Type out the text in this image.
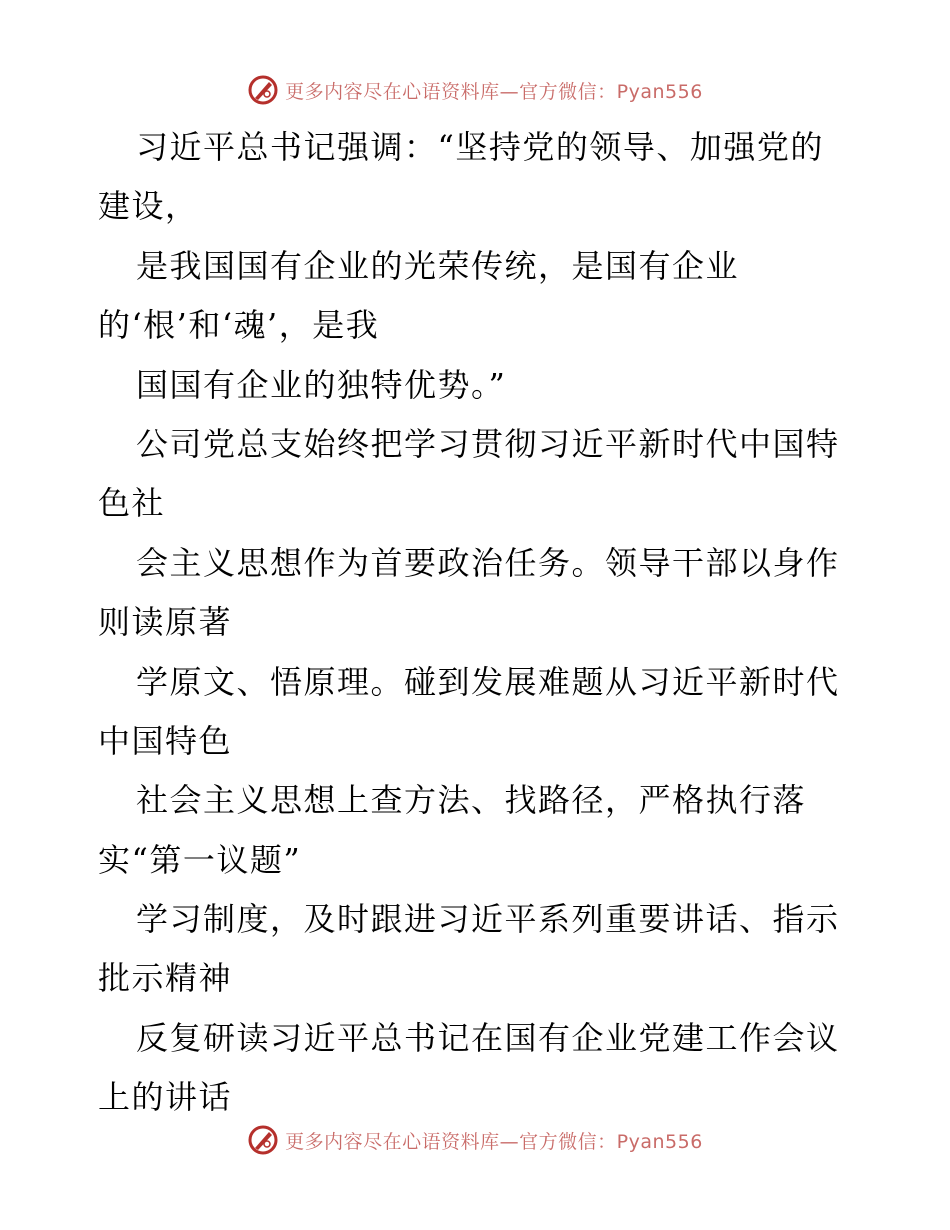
更多内容尽在心语资料库—官方微信：Pyan556
习近平总书记强调：“坚持党的领导、加强党的
建设，
是我国国有企业的光荣传统，是国有企业
的‘根’和‘魂’，是我
国国有企业的独特优势。”
公司党总支始终把学习贯彻习近平新时代中国特
色社
会主义思想作为首要政治任务。领导干部以身作
则读原著
学原文、悟原理。碰到发展难题从习近平新时代
中国特色
社会主义思想上查方法、找路径，严格执行落
实“第一议题”
学习制度，及时跟进习近平系列重要讲话、指示
批示精神
反复研读习近平总书记在国有企业党建工作会议
上的讲话
更多内容尽在心语资料库—官方微信：Pyan556
